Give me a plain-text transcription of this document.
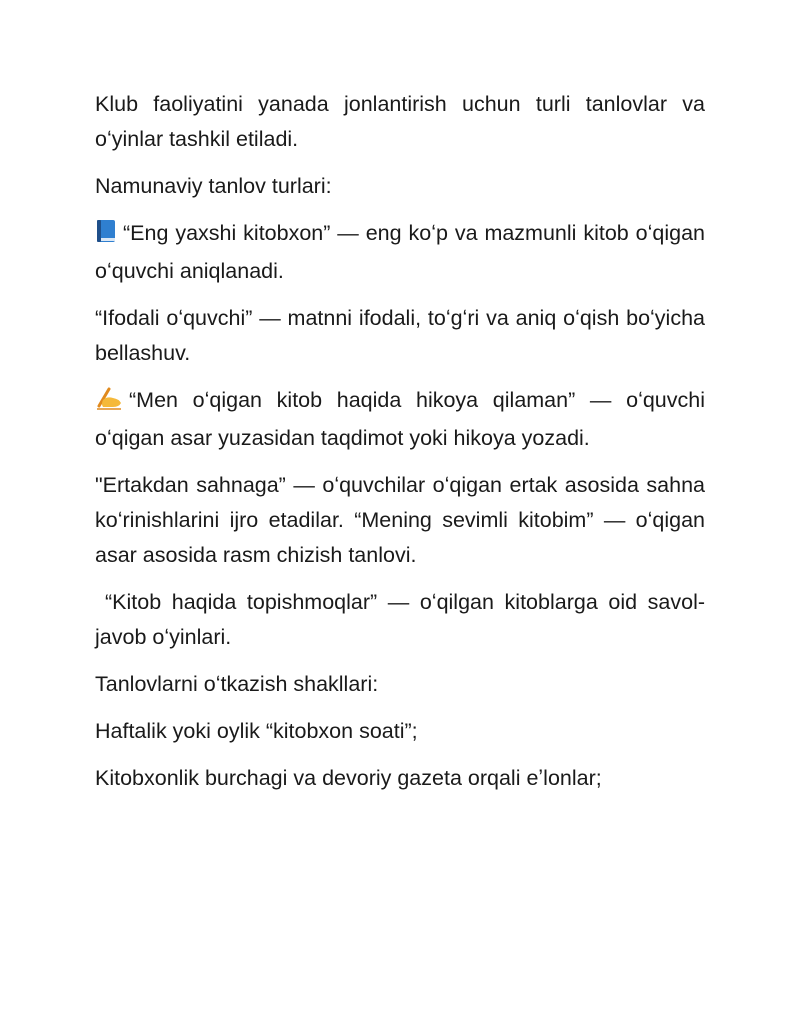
Klub faoliyatini yanada jonlantirish uchun turli tanlovlar va oʻyinlar tashkil etiladi.

Namunaviy tanlov turlari:

“Eng yaxshi kitobxon” — eng koʻp va mazmunli kitob oʻqigan oʻquvchi aniqlanadi.

“Ifodali oʻquvchi” — matnni ifodali, toʻgʻri va aniq oʻqish boʻyicha bellashuv.

“Men oʻqigan kitob haqida hikoya qilaman” — oʻquvchi oʻqigan asar yuzasidan taqdimot yoki hikoya yozadi.

"Ertakdan sahnaga” — oʻquvchilar oʻqigan ertak asosida sahna koʻrinishlarini ijro etadilar. “Mening sevimli kitobim” — oʻqigan asar asosida rasm chizish tanlovi.

“Kitob haqida topishmoqlar” — oʻqilgan kitoblarga oid savol-javob oʻyinlari.

Tanlovlarni oʻtkazish shakllari:

Haftalik yoki oylik “kitobxon soati”;

Kitobxonlik burchagi va devoriy gazeta orqali eʼlonlar;
